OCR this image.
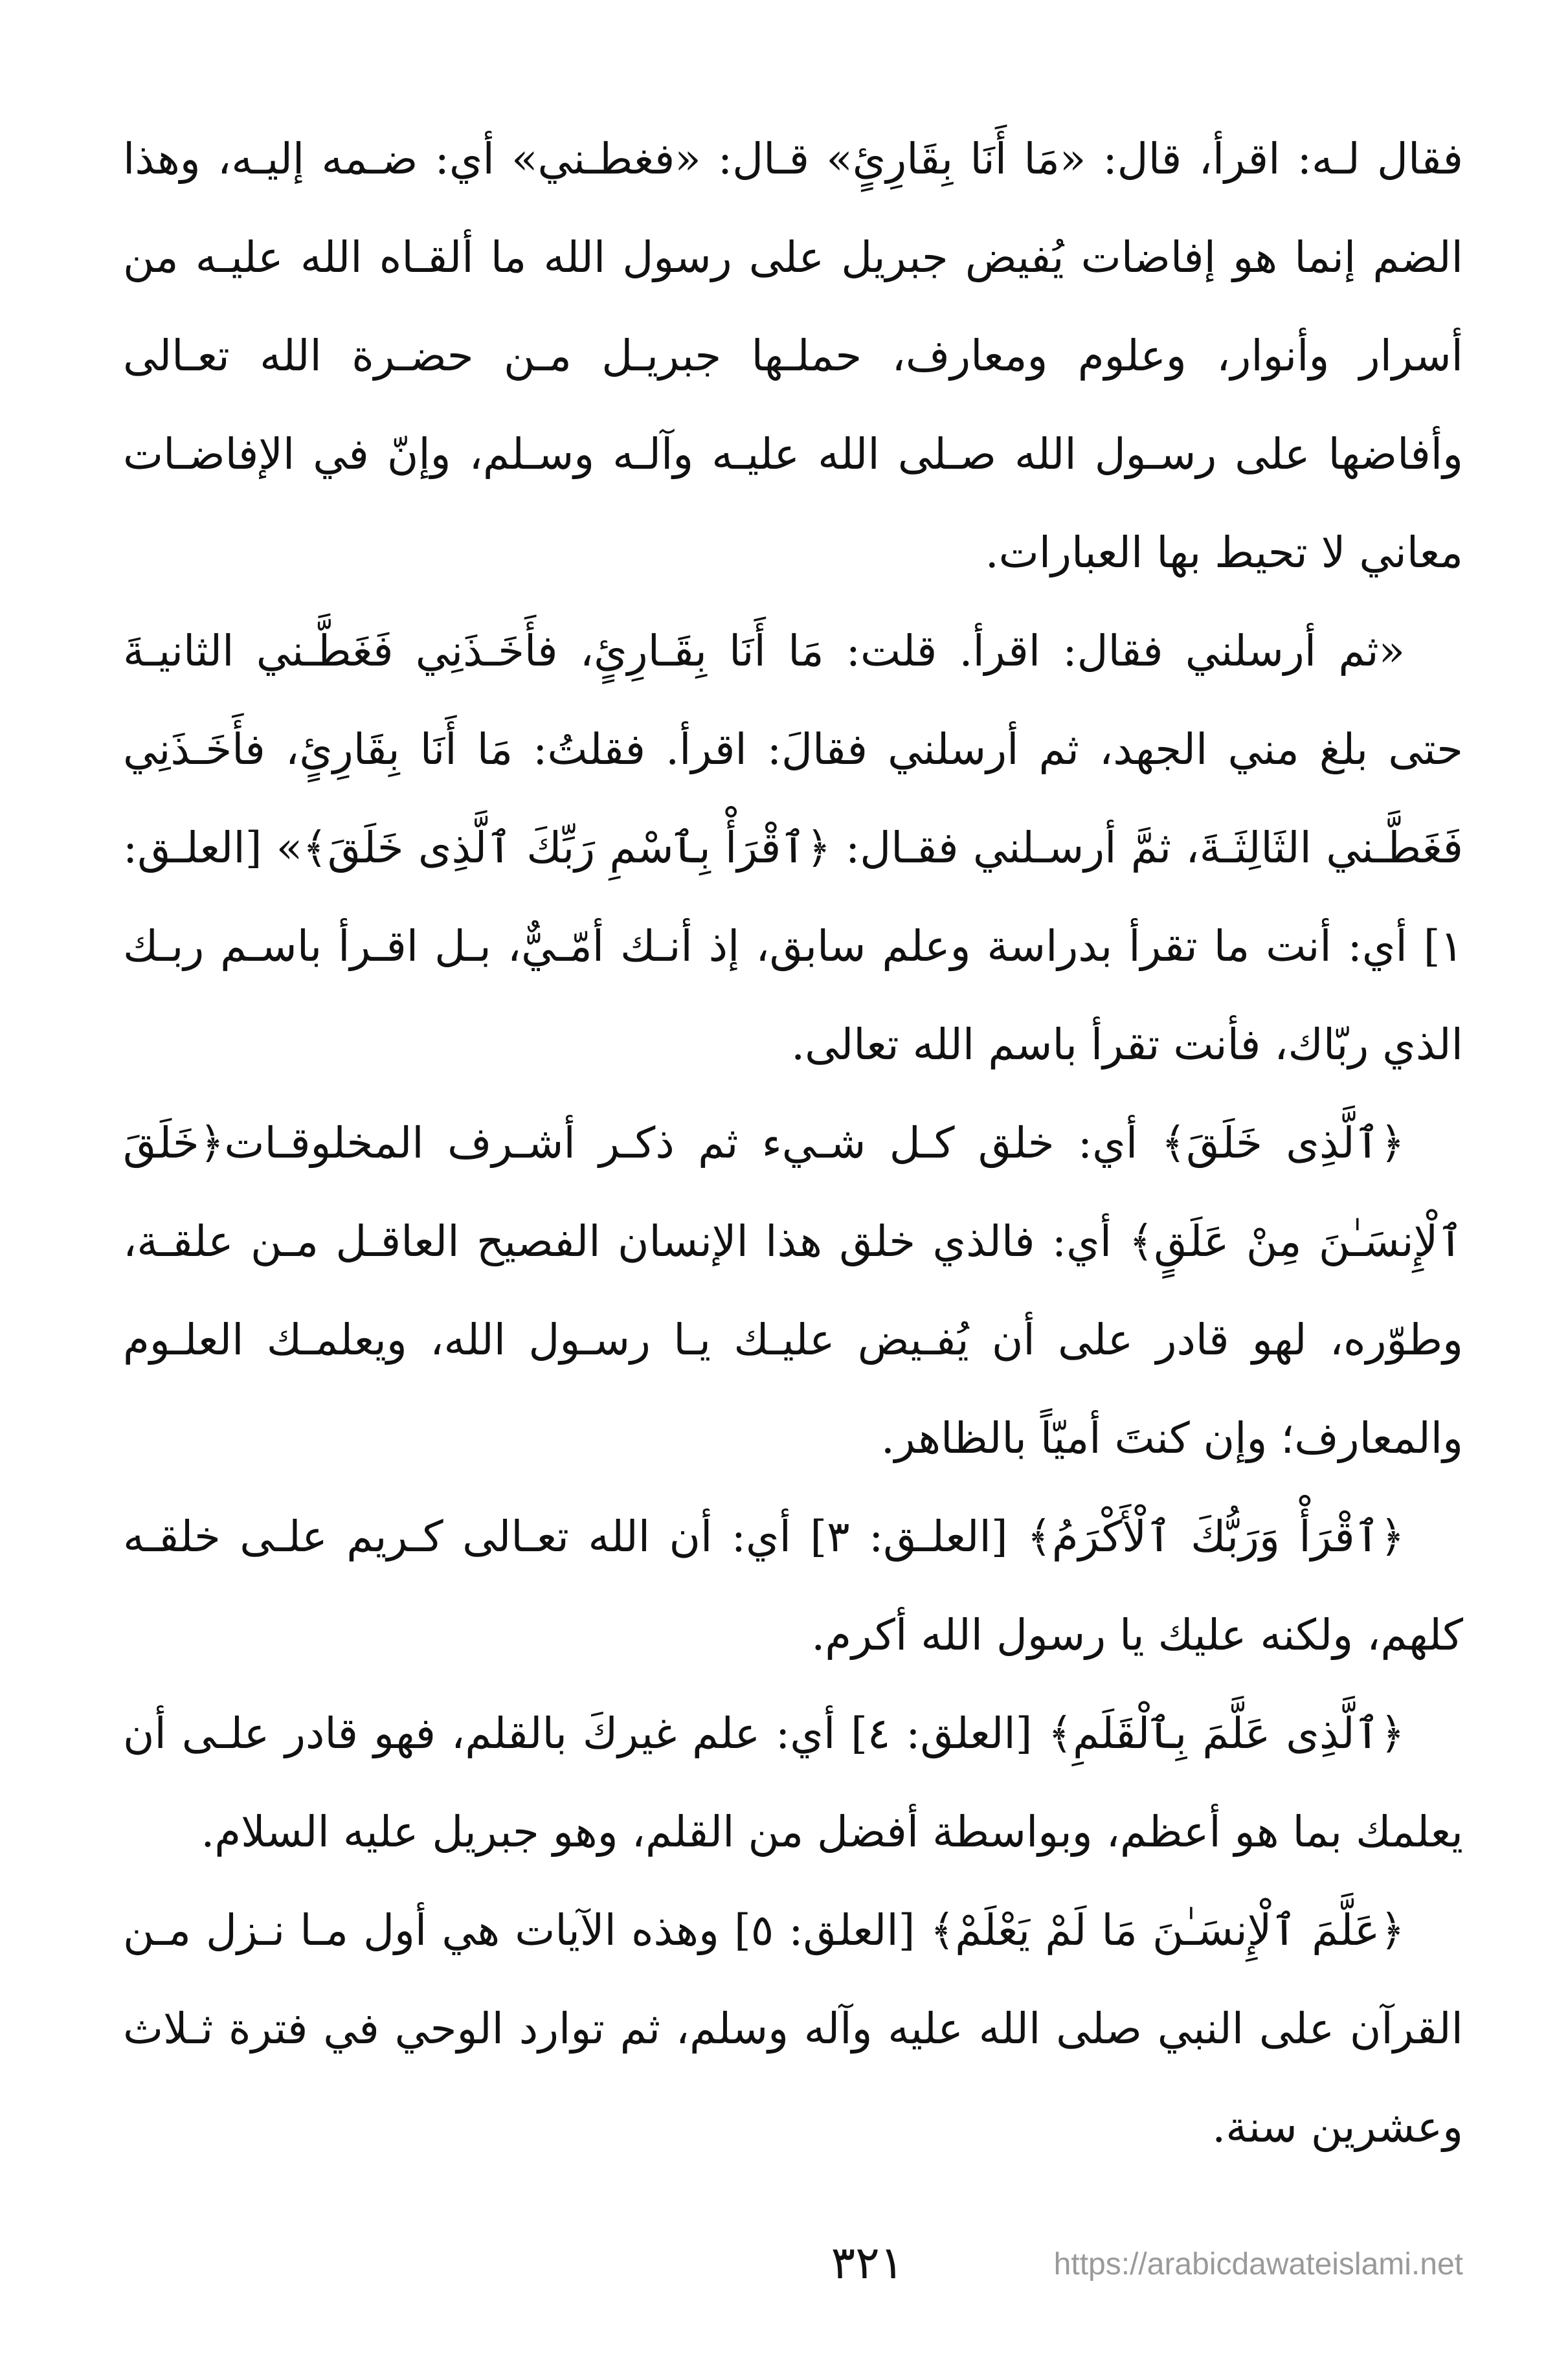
فقال لـه: اقرأ، قال: «مَا أَنَا بِقَارِئٍ» قـال: «فغطـني» أي: ضـمه إليـه، وهذا الضم إنما هو إفاضات يُفيض جبريل على رسول الله ما ألقـاه الله عليـه من أسرار وأنوار، وعلوم ومعارف، حملـها جبريـل مـن حضـرة الله تعـالى وأفاضها على رسـول الله صـلى الله عليـه وآلـه وسـلم، وإنّ في الإفاضـات معاني لا تحيط بها العبارات.

«ثم أرسلني فقال: اقرأ. قلت: مَا أَنَا بِقَـارِئٍ، فأَخَـذَنِي فَغَطَّـني الثانيـةَ حتى بلغ مني الجهد، ثم أرسلني فقالَ: اقرأ. فقلتُ: مَا أَنَا بِقَارِئٍ، فأَخَـذَنِي فَغَطَّـني الثَالِثَـةَ، ثمَّ أرسـلني فقـال: ﴿ٱقْرَأْ بِٱسْمِ رَبِّكَ ٱلَّذِى خَلَقَ﴾» [العلـق: ١] أي: أنت ما تقرأ بدراسة وعلم سابق، إذ أنـك أمّـيٌّ، بـل اقـرأ باسـم ربـك الذي ربّاك، فأنت تقرأ باسم الله تعالى.

﴿ٱلَّذِى خَلَقَ﴾ أي: خلق كـل شـيء ثم ذكـر أشـرف المخلوقـات﴿خَلَقَ ٱلْإِنسَـٰنَ مِنْ عَلَقٍ﴾ أي: فالذي خلق هذا الإنسان الفصيح العاقـل مـن علقـة، وطوّره، لهو قادر على أن يُفـيض عليـك يـا رسـول الله، ويعلمـك العلـوم والمعارف؛ وإن كنتَ أميّاً بالظاهر.

﴿ٱقْرَأْ وَرَبُّكَ ٱلْأَكْرَمُ﴾ [العلـق: ٣] أي: أن الله تعـالى كـريم علـى خلقـه كلهم، ولكنه عليك يا رسول الله أكرم.

﴿ٱلَّذِى عَلَّمَ بِٱلْقَلَمِ﴾ [العلق: ٤] أي: علم غيركَ بالقلم، فهو قادر علـى أن يعلمك بما هو أعظم، وبواسطة أفضل من القلم، وهو جبريل عليه السلام.

﴿عَلَّمَ ٱلْإِنسَـٰنَ مَا لَمْ يَعْلَمْ﴾ [العلق: ٥] وهذه الآيات هي أول مـا نـزل مـن القرآن على النبي صلى الله عليه وآله وسلم، ثم توارد الوحي في فترة ثـلاث وعشرين سنة.

٣٢١	https://arabicdawateislami.net
